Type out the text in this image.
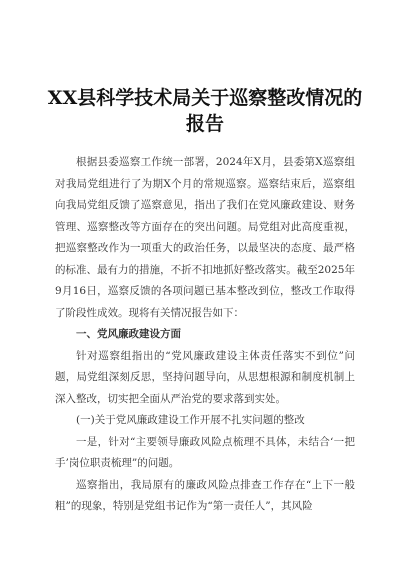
XX县科学技术局关于巡察整改情况的
报告

根据县委巡察工作统一部署，2024年X月，县委第X巡察组对我局党组进行了为期X个月的常规巡察。巡察结束后，巡察组向我局党组反馈了巡察意见，指出了我们在党风廉政建设、财务管理、巡察整改等方面存在的突出问题。局党组对此高度重视，把巡察整改作为一项重大的政治任务，以最坚决的态度、最严格的标准、最有力的措施，不折不扣地抓好整改落实。截至2025年9月16日，巡察反馈的各项问题已基本整改到位，整改工作取得了阶段性成效。现将有关情况报告如下：

一、党风廉政建设方面

针对巡察组指出的“党风廉政建设主体责任落实不到位”问题，局党组深刻反思，坚持问题导向，从思想根源和制度机制上深入整改，切实把全面从严治党的要求落到实处。

(一)关于党风廉政建设工作开展不扎实问题的整改

一是，针对“主要领导廉政风险点梳理不具体，未结合‘一把手’岗位职责梳理”的问题。

巡察指出，我局原有的廉政风险点排查工作存在“上下一般粗”的现象，特别是党组书记作为“第一责任人”，其风险
